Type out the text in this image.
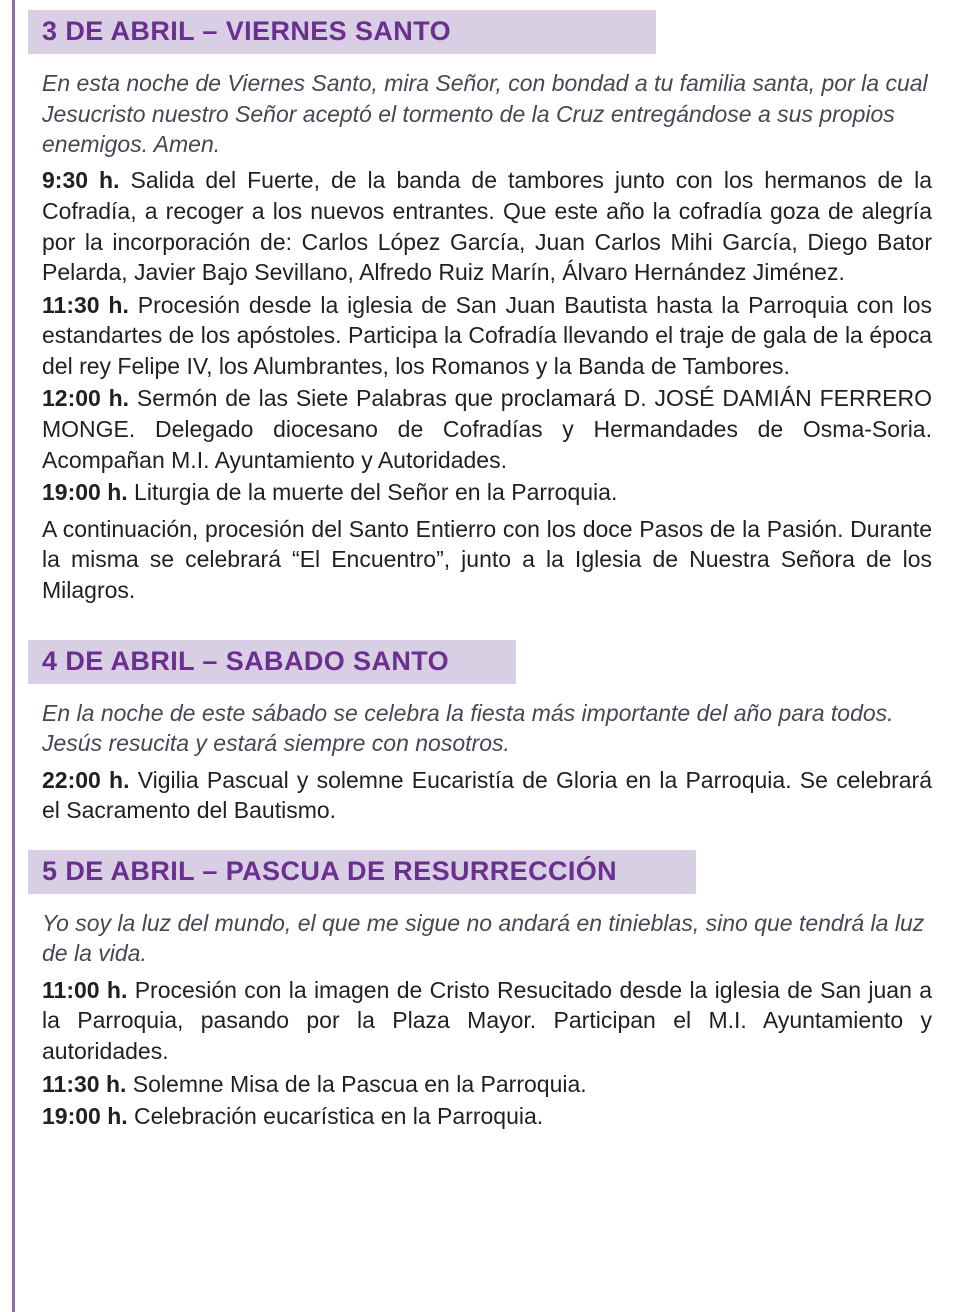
3 DE ABRIL – VIERNES SANTO

En esta noche de Viernes Santo, mira Señor, con bondad a tu familia santa, por la cual Jesucristo nuestro Señor aceptó el tormento de la Cruz entregándose a sus propios enemigos. Amen.

9:30 h. Salida del Fuerte, de la banda de tambores junto con los hermanos de la Cofradía, a recoger a los nuevos entrantes. Que este año la cofradía goza de alegría por la incorporación de: Carlos López García, Juan Carlos Mihi García, Diego Bator Pelarda, Javier Bajo Sevillano, Alfredo Ruiz Marín, Álvaro Hernández Jiménez.

11:30 h. Procesión desde la iglesia de San Juan Bautista hasta la Parroquia con los estandartes de los apóstoles. Participa la Cofradía llevando el traje de gala de la época del rey Felipe IV, los Alumbrantes, los Romanos y la Banda de Tambores.

12:00 h. Sermón de las Siete Palabras que proclamará D. JOSÉ DAMIÁN FERRERO MONGE. Delegado diocesano de Cofradías y Hermandades de Osma-Soria. Acompañan M.I. Ayuntamiento y Autoridades.

19:00 h. Liturgia de la muerte del Señor en la Parroquia.

A continuación, procesión del Santo Entierro con los doce Pasos de la Pasión. Durante la misma se celebrará “El Encuentro”, junto a la Iglesia de Nuestra Señora de los Milagros.

4 DE ABRIL – SABADO SANTO

En la noche de este sábado se celebra la fiesta más importante del año para todos. Jesús resucita y estará siempre con nosotros.

22:00 h. Vigilia Pascual y solemne Eucaristía de Gloria en la Parroquia. Se celebrará el Sacramento del Bautismo.

5 DE ABRIL – PASCUA DE RESURRECCIÓN

Yo soy la luz del mundo, el que me sigue no andará en tinieblas, sino que tendrá la luz de la vida.

11:00 h. Procesión con la imagen de Cristo Resucitado desde la iglesia de San juan a la Parroquia, pasando por la Plaza Mayor. Participan el M.I. Ayuntamiento y autoridades.

11:30 h. Solemne Misa de la Pascua en la Parroquia.

19:00 h. Celebración eucarística en la Parroquia.
